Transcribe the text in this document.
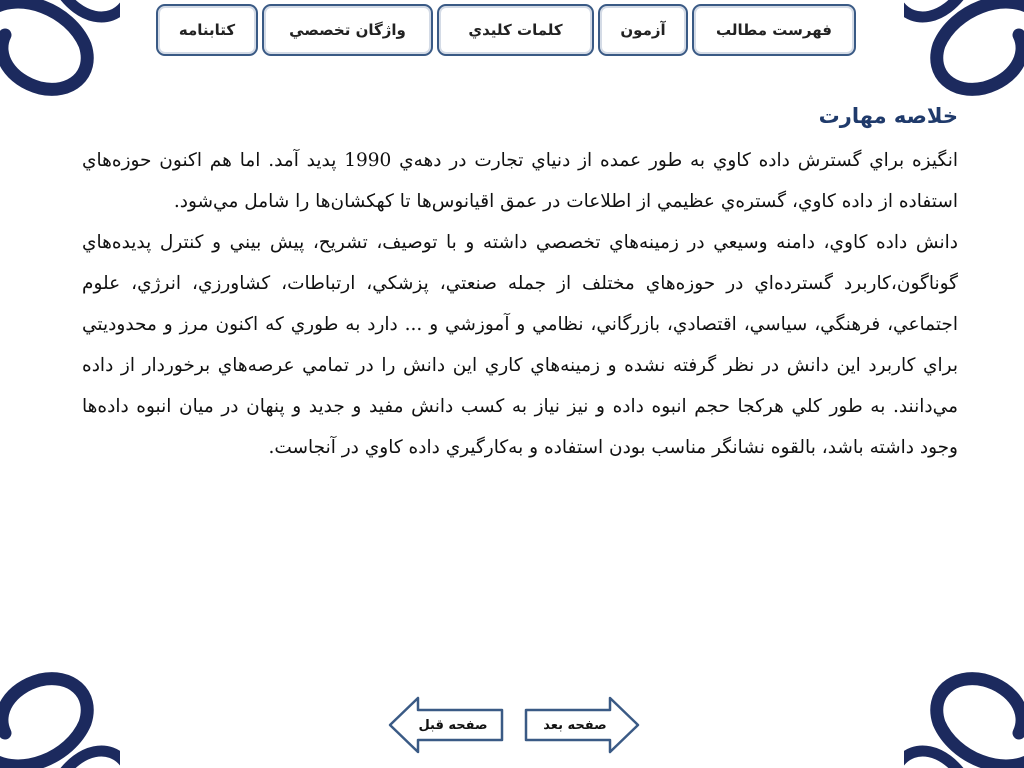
فهرست مطالب
آزمون
كلمات كليدي
واژگان تخصصي
كتابنامه
خلاصه مهارت

انگیزه براي گسترش داده كاوي به طور عمده از دنياي تجارت در دهه‌ي 1990 پدید آمد. اما هم اكنون حوزه‌هاي استفاده از داده كاوي، گستره‌ي عظيمي از اطلاعات در عمق اقيانوس‌ها تا کهکشان‌ها را شامل مي‌شود.

دانش داده كاوي، دامنه وسيعي در زمينه‌هاي تخصصي داشته و با توصيف، تشريح، پیش بيني و كنترل پديده‌هاي گوناگون،كاربرد گسترده‌اي در حوزه‌هاي مختلف از جمله صنعتي، پزشكي، ارتباطات، كشاورزي، انرژي، علوم اجتماعي، فرهنگي، سياسي، اقتصادي، بازرگاني، نظامي و آموزشي و ... دارد به طوري كه اكنون مرز و محدوديتي براي كاربرد اين دانش در نظر گرفته نشده و زمينه‌هاي كاري اين دانش را در تمامي عرصه‌هاي برخوردار از داده مي‌دانند. به طور كلي هركجا حجم انبوه داده و نيز نياز به كسب دانش مفيد و جديد و پنهان در ميان انبوه داده‌ها وجود داشته باشد، بالقوه نشانگر مناسب بودن استفاده و به‌كارگيري داده كاوي در آنجاست.

صفحه قبل	صفحه بعد
